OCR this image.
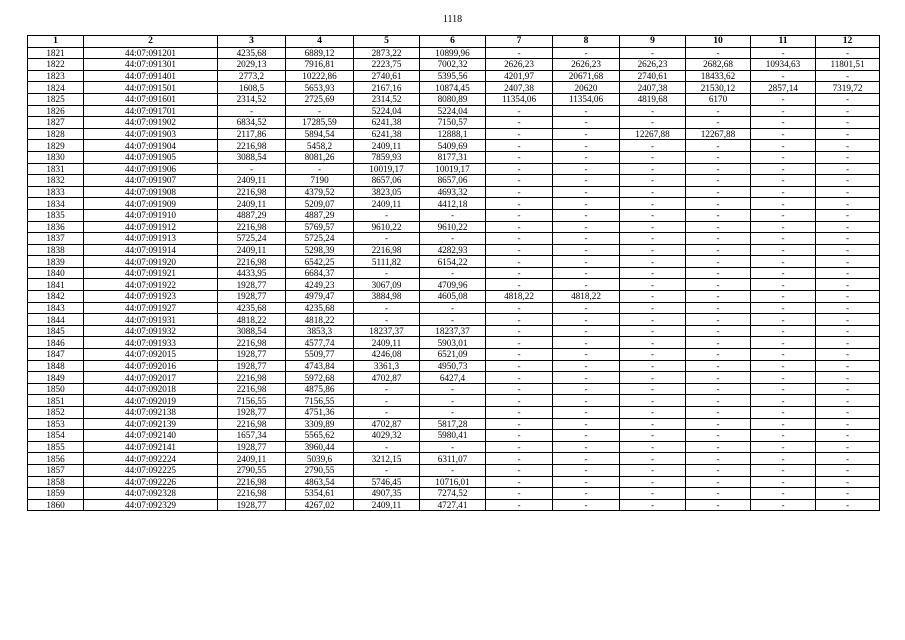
1118
1	2	3	4	5	6	7	8	9	10	11	12
1821	44:07:091201	4235,68	6889,12	2873,22	10899,96	-	-	-	-	-	-
1822	44:07:091301	2029,13	7916,81	2223,75	7002,32	2626,23	2626,23	2626,23	2682,68	10934,63	11801,51
1823	44:07:091401	2773,2	10222,86	2740,61	5395,56	4201,97	20671,68	2740,61	18433,62	-	-
1824	44:07:091501	1608,5	5653,93	2167,16	10874,45	2407,38	20620	2407,38	21530,12	2857,14	7319,72
1825	44:07:091601	2314,52	2725,69	2314,52	8080,89	11354,06	11354,06	4819,68	6170	-	-
1826	44:07:091701	-	-	5224,04	5224,04	-	-	-	-	-	-
1827	44:07:091902	6834,52	17285,59	6241,38	7150,57	-	-	-	-	-	-
1828	44:07:091903	2117,86	5894,54	6241,38	12888,1	-	-	12267,88	12267,88	-	-
1829	44:07:091904	2216,98	5458,2	2409,11	5409,69	-	-	-	-	-	-
1830	44:07:091905	3088,54	8081,26	7859,93	8177,31	-	-	-	-	-	-
1831	44:07:091906	-	-	10019,17	10019,17	-	-	-	-	-	-
1832	44:07:091907	2409,11	7190	8657,06	8657,06	-	-	-	-	-	-
1833	44:07:091908	2216,98	4379,52	3823,05	4693,32	-	-	-	-	-	-
1834	44:07:091909	2409,11	5209,07	2409,11	4412,18	-	-	-	-	-	-
1835	44:07:091910	4887,29	4887,29	-	-	-	-	-	-	-	-
1836	44:07:091912	2216,98	5769,57	9610,22	9610,22	-	-	-	-	-	-
1837	44:07:091913	5725,24	5725,24	-	-	-	-	-	-	-	-
1838	44:07:091914	2409,11	5298,39	2216,98	4282,93	-	-	-	-	-	-
1839	44:07:091920	2216,98	6542,25	5111,82	6154,22	-	-	-	-	-	-
1840	44:07:091921	4433,95	6684,37	-	-	-	-	-	-	-	-
1841	44:07:091922	1928,77	4249,23	3067,09	4709,96	-	-	-	-	-	-
1842	44:07:091923	1928,77	4979,47	3884,98	4605,08	4818,22	4818,22	-	-	-	-
1843	44:07:091927	4235,68	4235,68	-	-	-	-	-	-	-	-
1844	44:07:091931	4818,22	4818,22	-	-	-	-	-	-	-	-
1845	44:07:091932	3088,54	3853,3	18237,37	18237,37	-	-	-	-	-	-
1846	44:07:091933	2216,98	4577,74	2409,11	5903,01	-	-	-	-	-	-
1847	44:07:092015	1928,77	5509,77	4246,08	6521,09	-	-	-	-	-	-
1848	44:07:092016	1928,77	4743,84	3361,3	4950,73	-	-	-	-	-	-
1849	44:07:092017	2216,98	5972,68	4702,87	6427,4	-	-	-	-	-	-
1850	44:07:092018	2216,98	4875,86	-	-	-	-	-	-	-	-
1851	44:07:092019	7156,55	7156,55	-	-	-	-	-	-	-	-
1852	44:07:092138	1928,77	4751,36	-	-	-	-	-	-	-	-
1853	44:07:092139	2216,98	3309,89	4702,87	5817,28	-	-	-	-	-	-
1854	44:07:092140	1657,34	5565,62	4029,32	5980,41	-	-	-	-	-	-
1855	44:07:092141	1928,77	3960,44	-	-	-	-	-	-	-	-
1856	44:07:092224	2409,11	5039,6	3212,15	6311,07	-	-	-	-	-	-
1857	44:07:092225	2790,55	2790,55	-	-	-	-	-	-	-	-
1858	44:07:092226	2216,98	4863,54	5746,45	10716,01	-	-	-	-	-	-
1859	44:07:092328	2216,98	5354,61	4907,35	7274,52	-	-	-	-	-	-
1860	44:07:092329	1928,77	4267,02	2409,11	4727,41	-	-	-	-	-	-
